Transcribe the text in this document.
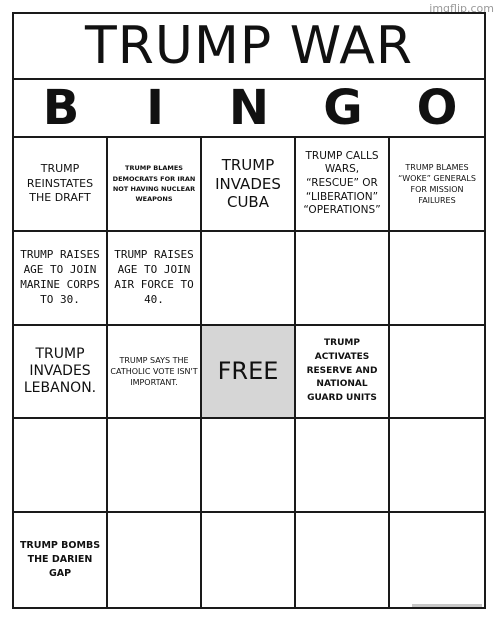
imgflip.com
TRUMP WAR
B	I	N	G	O
TRUMP REINSTATES THE DRAFT
TRUMP BLAMES DEMOCRATS FOR IRAN NOT HAVING NUCLEAR WEAPONS
TRUMP INVADES CUBA
TRUMP CALLS WARS, “RESCUE” OR “LIBERATION” “OPERATIONS”
TRUMP BLAMES “WOKE” GENERALS FOR MISSION FAILURES
TRUMP RAISES AGE TO JOIN MARINE CORPS TO 30.
TRUMP RAISES AGE TO JOIN AIR FORCE TO 40.
TRUMP INVADES LEBANON.
TRUMP SAYS THE CATHOLIC VOTE ISN'T IMPORTANT.	FREE
TRUMP ACTIVATES RESERVE AND NATIONAL GUARD UNITS
TRUMP BOMBS THE DARIEN GAP
